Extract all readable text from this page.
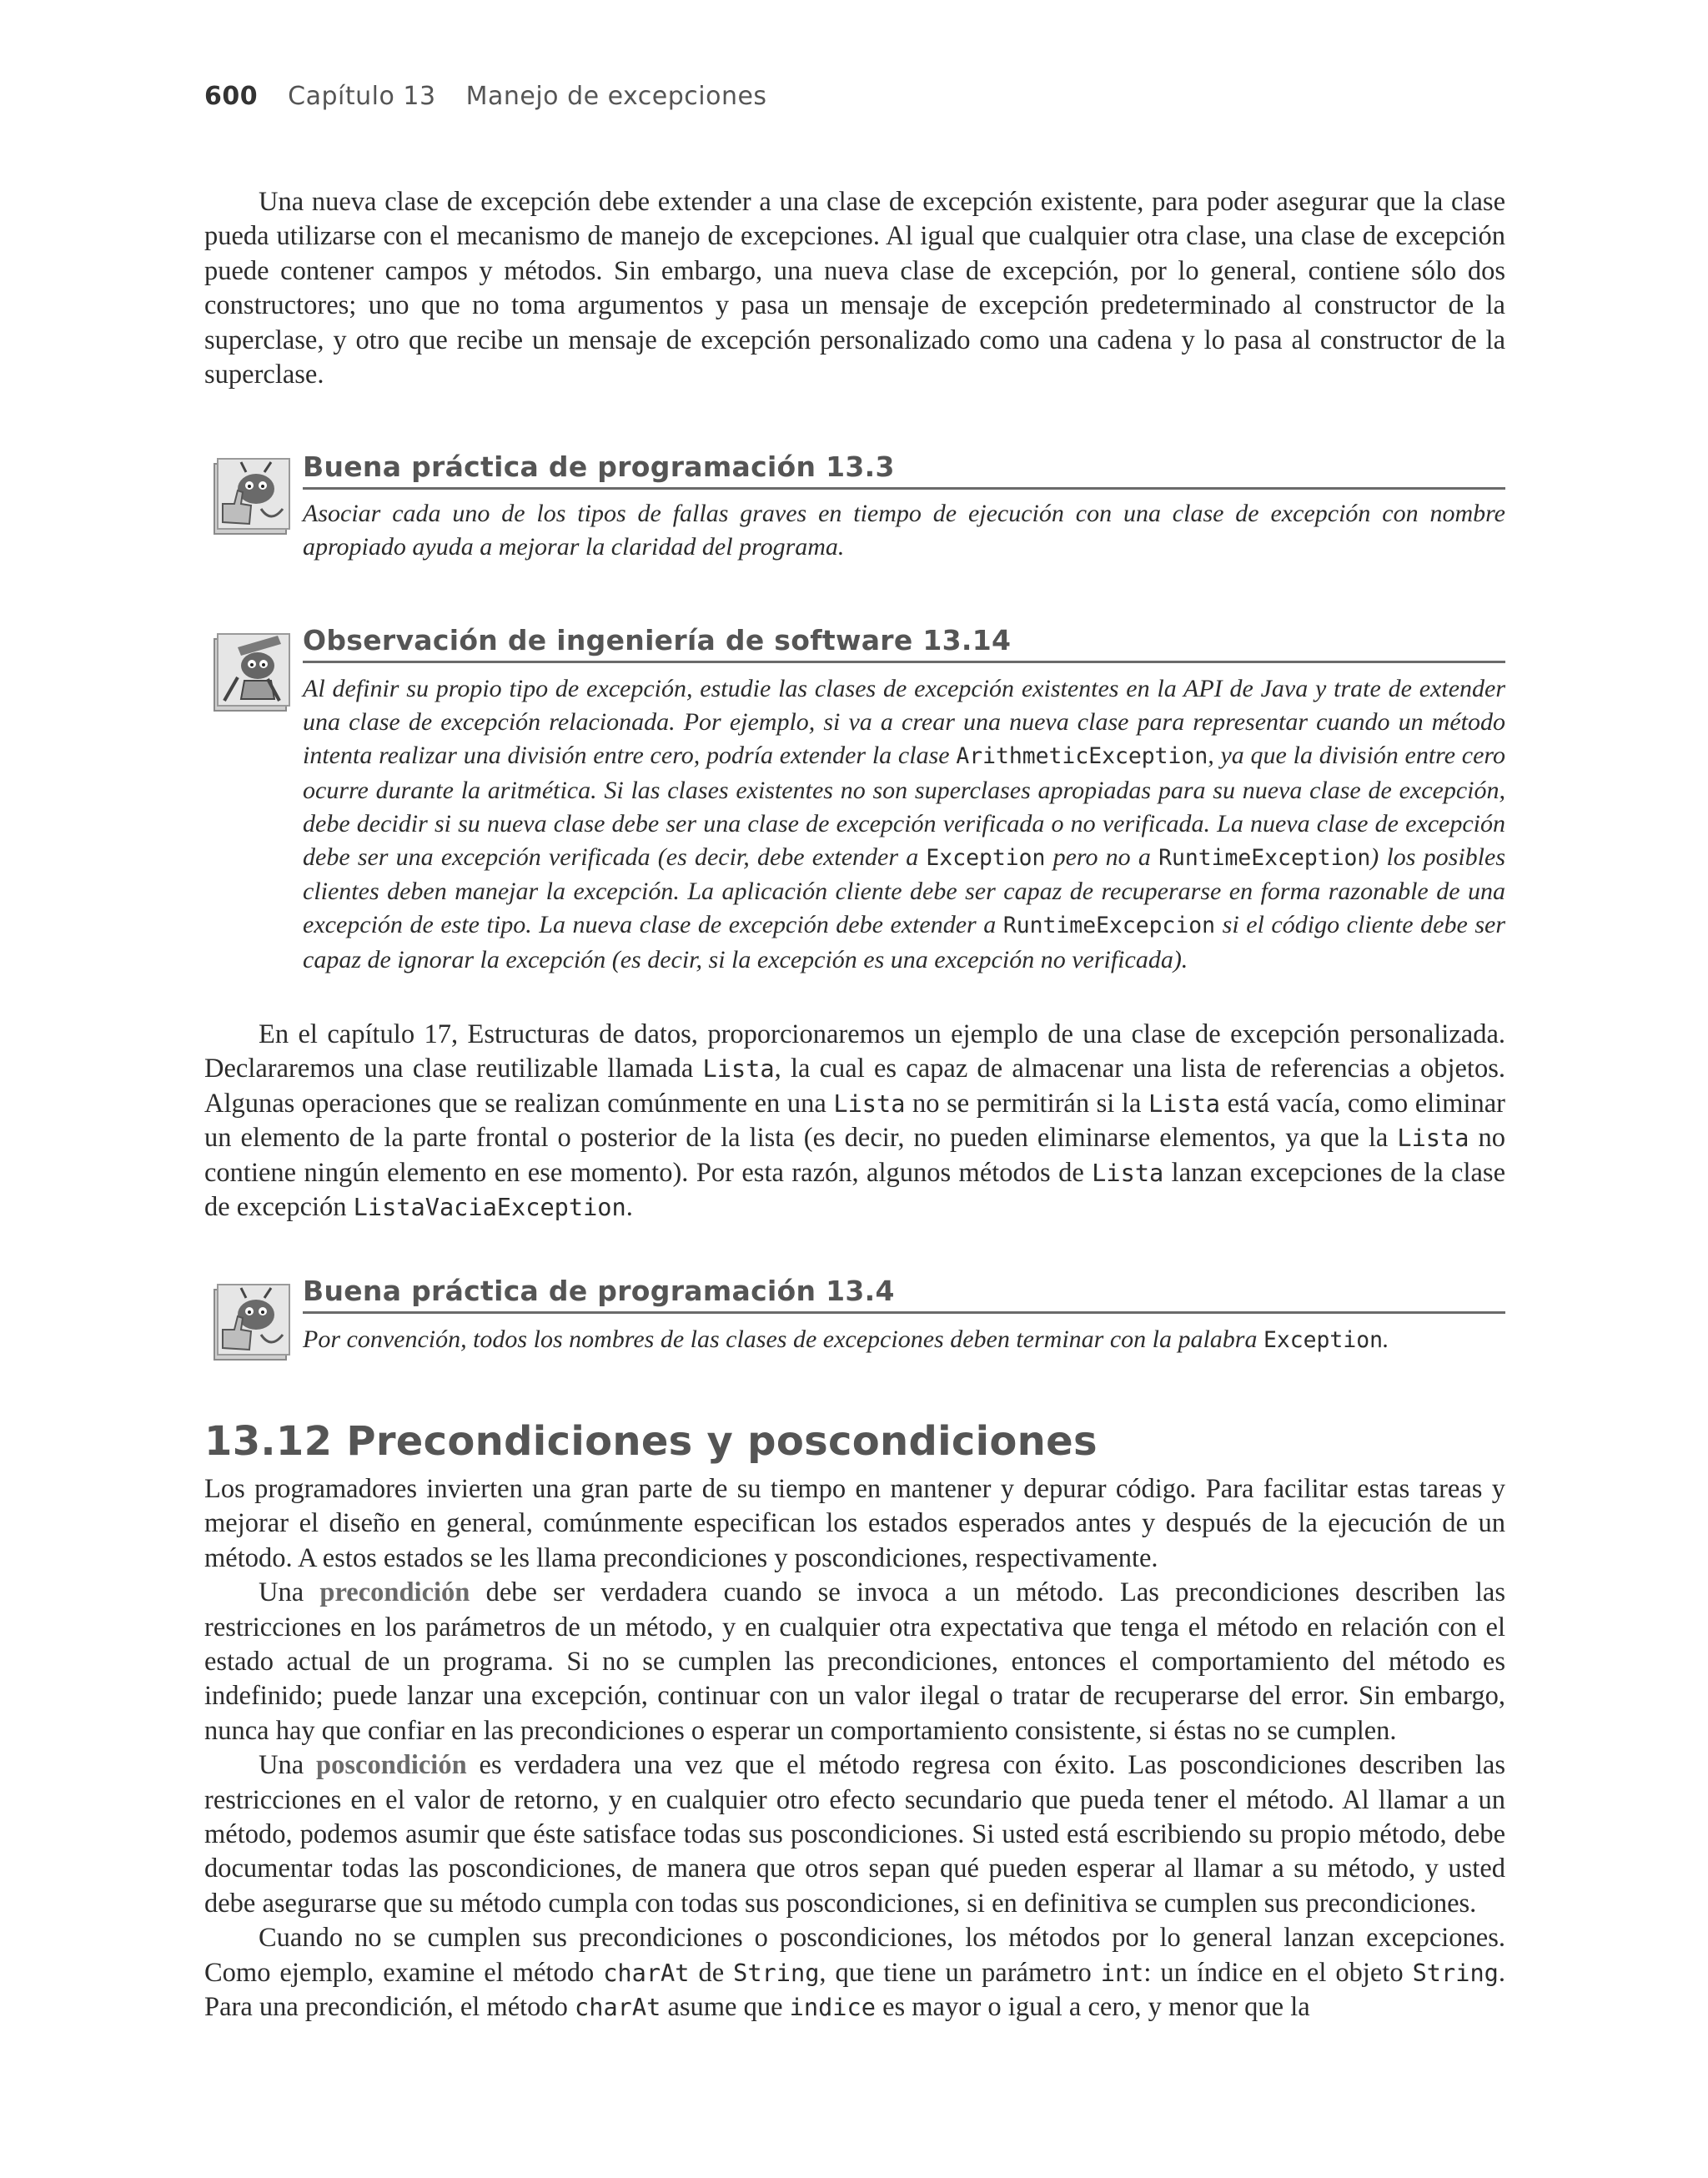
600 Capítulo 13 Manejo de excepciones

Una nueva clase de excepción debe extender a una clase de excepción existente, para poder asegurar que la clase pueda utilizarse con el mecanismo de manejo de excepciones. Al igual que cualquier otra clase, una clase de excepción puede contener campos y métodos. Sin embargo, una nueva clase de excepción, por lo general, contiene sólo dos constructores; uno que no toma argumentos y pasa un mensaje de excepción predeterminado al constructor de la superclase, y otro que recibe un mensaje de excepción personalizado como una cadena y lo pasa al constructor de la superclase.

Buena práctica de programación 13.3
Asociar cada uno de los tipos de fallas graves en tiempo de ejecución con una clase de excepción con nombre apropiado ayuda a mejorar la claridad del programa.
Observación de ingeniería de software 13.14
Al definir su propio tipo de excepción, estudie las clases de excepción existentes en la API de Java y trate de extender una clase de excepción relacionada. Por ejemplo, si va a crear una nueva clase para representar cuando un método intenta realizar una división entre cero, podría extender la clase ArithmeticException, ya que la división entre cero ocurre durante la aritmética. Si las clases existentes no son superclases apropiadas para su nueva clase de excepción, debe decidir si su nueva clase debe ser una clase de excepción verificada o no verificada. La nueva clase de excepción debe ser una excepción verificada (es decir, debe extender a Exception pero no a RuntimeException) los posibles clientes deben manejar la excepción. La aplicación cliente debe ser capaz de recuperarse en forma razonable de una excepción de este tipo. La nueva clase de excepción debe extender a RuntimeExcepcion si el código cliente debe ser capaz de ignorar la excepción (es decir, si la excepción es una excepción no verificada).

En el capítulo 17, Estructuras de datos, proporcionaremos un ejemplo de una clase de excepción personalizada. Declararemos una clase reutilizable llamada Lista, la cual es capaz de almacenar una lista de referencias a objetos. Algunas operaciones que se realizan comúnmente en una Lista no se permitirán si la Lista está vacía, como eliminar un elemento de la parte frontal o posterior de la lista (es decir, no pueden eliminarse elementos, ya que la Lista no contiene ningún elemento en ese momento). Por esta razón, algunos métodos de Lista lanzan excepciones de la clase de excepción ListaVaciaException.

Buena práctica de programación 13.4
Por convención, todos los nombres de las clases de excepciones deben terminar con la palabra Exception.
13.12 Precondiciones y poscondiciones

Los programadores invierten una gran parte de su tiempo en mantener y depurar código. Para facilitar estas tareas y mejorar el diseño en general, comúnmente especifican los estados esperados antes y después de la ejecución de un método. A estos estados se les llama precondiciones y poscondiciones, respectivamente.

Una precondición debe ser verdadera cuando se invoca a un método. Las precondiciones describen las restricciones en los parámetros de un método, y en cualquier otra expectativa que tenga el método en relación con el estado actual de un programa. Si no se cumplen las precondiciones, entonces el comportamiento del método es indefinido; puede lanzar una excepción, continuar con un valor ilegal o tratar de recuperarse del error. Sin embargo, nunca hay que confiar en las precondiciones o esperar un comportamiento consistente, si éstas no se cumplen.

Una poscondición es verdadera una vez que el método regresa con éxito. Las poscondiciones describen las restricciones en el valor de retorno, y en cualquier otro efecto secundario que pueda tener el método. Al llamar a un método, podemos asumir que éste satisface todas sus poscondiciones. Si usted está escribiendo su propio método, debe documentar todas las poscondiciones, de manera que otros sepan qué pueden esperar al llamar a su método, y usted debe asegurarse que su método cumpla con todas sus poscondiciones, si en definitiva se cumplen sus precondiciones.

Cuando no se cumplen sus precondiciones o poscondiciones, los métodos por lo general lanzan excepciones. Como ejemplo, examine el método charAt de String, que tiene un parámetro int: un índice en el objeto String. Para una precondición, el método charAt asume que indice es mayor o igual a cero, y menor que la
